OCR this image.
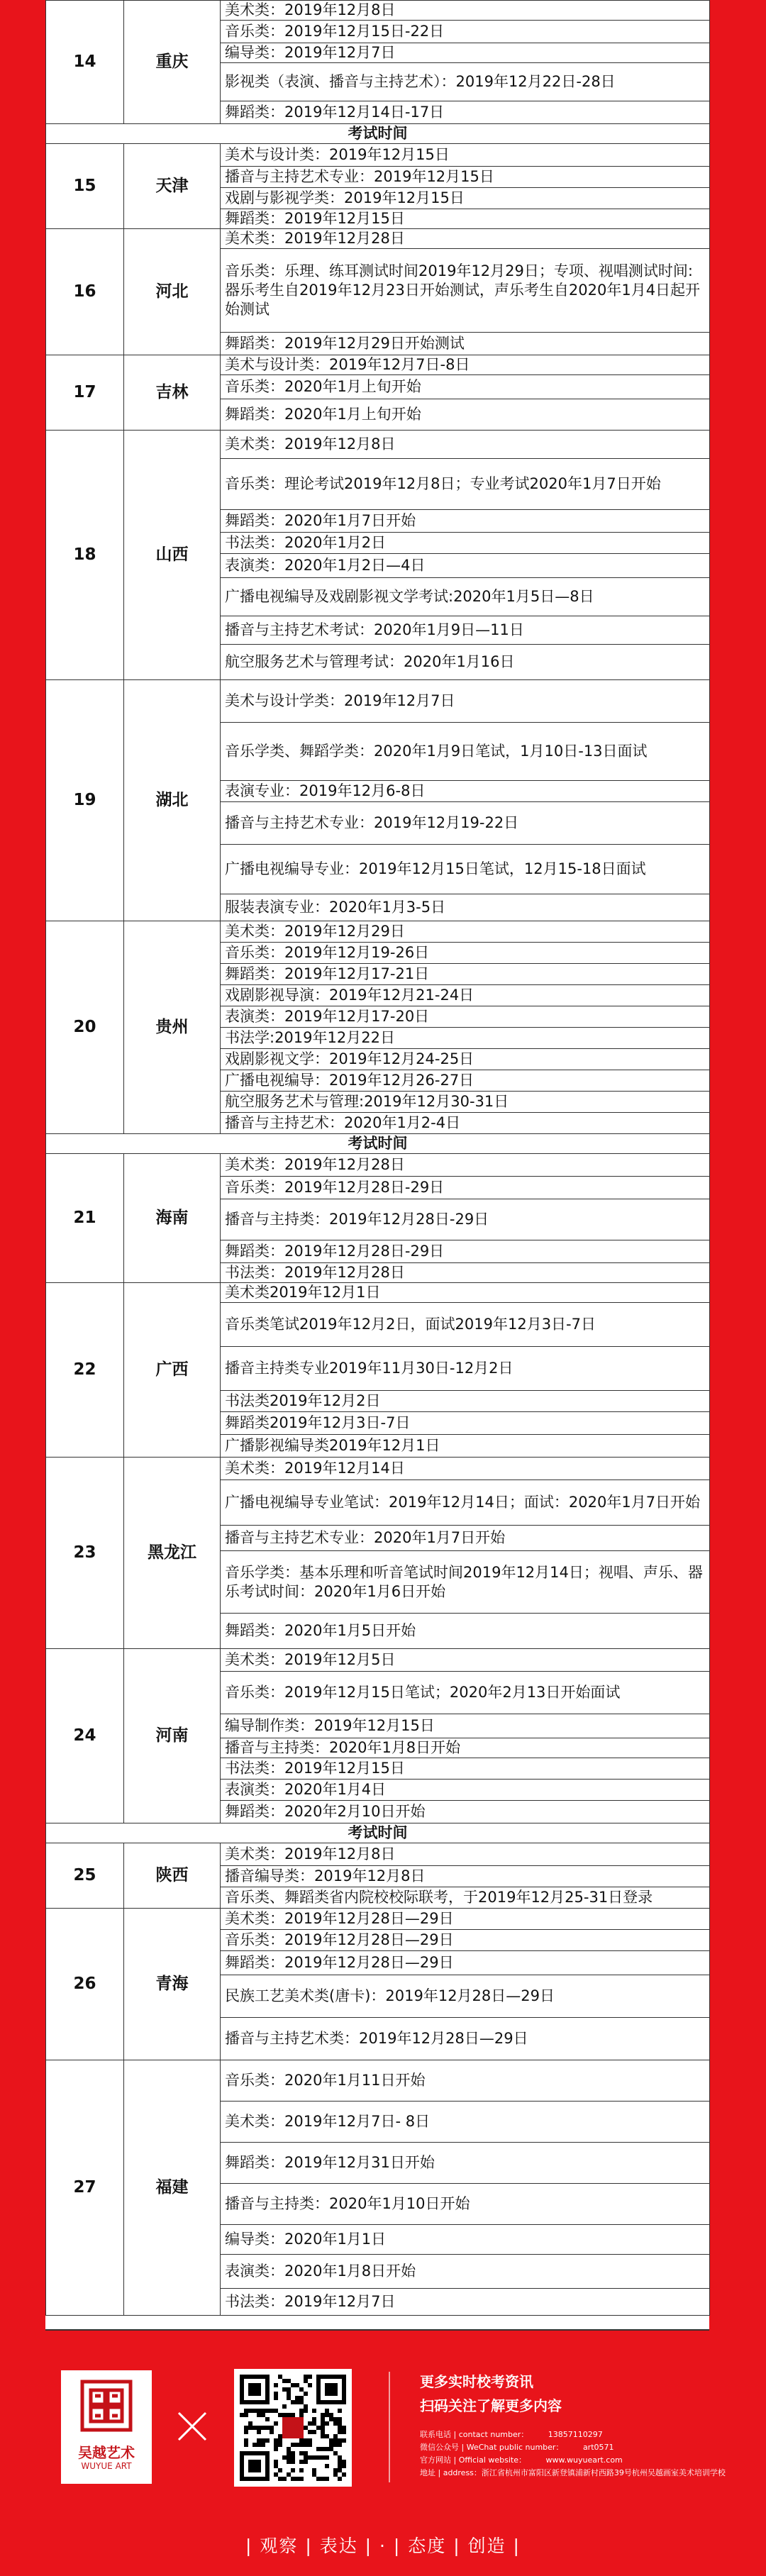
14	重庆	美术类：2019年12月8日
		音乐类：2019年12月15日-22日
		编导类：2019年12月7日
		影视类（表演、播音与主持艺术）：2019年12月22日-28日
		舞蹈类：2019年12月14日-17日
考试时间		
15	天津	美术与设计类：2019年12月15日
		播音与主持艺术专业：2019年12月15日
		戏剧与影视学类：2019年12月15日
		舞蹈类：2019年12月15日
16	河北	美术类：2019年12月28日
		音乐类：乐理、练耳测试时间2019年12月29日；专项、视唱测试时间:器乐考生自2019年12月23日开始测试，声乐考生自2020年1月4日起开始测试
		舞蹈类：2019年12月29日开始测试
17	吉林	美术与设计类：2019年12月7日-8日
		音乐类：2020年1月上旬开始
		舞蹈类：2020年1月上旬开始
18	山西	美术类：2019年12月8日
		音乐类：理论考试2019年12月8日；专业考试2020年1月7日开始
		舞蹈类：2020年1月7日开始
		书法类：2020年1月2日
		表演类：2020年1月2日—4日
		广播电视编导及戏剧影视文学考试:2020年1月5日—8日
		播音与主持艺术考试：2020年1月9日—11日
		航空服务艺术与管理考试：2020年1月16日
19	湖北	美术与设计学类：2019年12月7日
		音乐学类、舞蹈学类：2020年1月9日笔试，1月10日-13日面试
		表演专业：2019年12月6-8日
		播音与主持艺术专业：2019年12月19-22日
		广播电视编导专业：2019年12月15日笔试，12月15-18日面试
		服装表演专业：2020年1月3-5日
20	贵州	美术类：2019年12月29日
		音乐类：2019年12月19-26日
		舞蹈类：2019年12月17-21日
		戏剧影视导演：2019年12月21-24日
		表演类：2019年12月17-20日
		书法学:2019年12月22日
		戏剧影视文学：2019年12月24-25日
		广播电视编导：2019年12月26-27日
		航空服务艺术与管理:2019年12月30-31日
		播音与主持艺术：2020年1月2-4日
考试时间		
21	海南	美术类：2019年12月28日
		音乐类：2019年12月28日-29日
		播音与主持类：2019年12月28日-29日
		舞蹈类：2019年12月28日-29日
		书法类：2019年12月28日
22	广西	美术类2019年12月1日
		音乐类笔试2019年12月2日，面试2019年12月3日-7日
		播音主持类专业2019年11月30日-12月2日
		书法类2019年12月2日
		舞蹈类2019年12月3日-7日
		广播影视编导类2019年12月1日
23	黑龙江	美术类：2019年12月14日
		广播电视编导专业笔试：2019年12月14日；面试：2020年1月7日开始
		播音与主持艺术专业：2020年1月7日开始
		音乐学类：基本乐理和听音笔试时间2019年12月14日；视唱、声乐、器乐考试时间：2020年1月6日开始
		舞蹈类：2020年1月5日开始
24	河南	美术类：2019年12月5日
		音乐类：2019年12月15日笔试；2020年2月13日开始面试
		编导制作类：2019年12月15日
		播音与主持类：2020年1月8日开始
		书法类：2019年12月15日
		表演类：2020年1月4日
		舞蹈类：2020年2月10日开始
考试时间		
25	陕西	美术类：2019年12月8日
		播音编导类：2019年12月8日
		音乐类、舞蹈类省内院校校际联考，于2019年12月25-31日登录
26	青海	美术类：2019年12月28日—29日
		音乐类：2019年12月28日—29日
		舞蹈类：2019年12月28日—29日
		民族工艺美术类(唐卡)：2019年12月28日—29日
		播音与主持艺术类：2019年12月28日—29日
27	福建	音乐类：2020年1月11日开始
		美术类：2019年12月7日- 8日
		舞蹈类：2019年12月31日开始
		播音与主持类：2020年1月10日开始
		编导类：2020年1月1日
		表演类：2020年1月8日开始
		书法类：2019年12月7日
吴越艺术
WUYUE ART
更多实时校考资讯
扫码关注了解更多内容
联系电话 | contact number：	13857110297
微信公众号 | WeChat public number：	art0571
官方网站 | Official website：	www.wuyueart.com
地址 | address：浙江省杭州市富阳区新登镇浦新村西路39号杭州吴越画室美术培训学校
| 观察 | 表达 | · | 态度 | 创造 |
